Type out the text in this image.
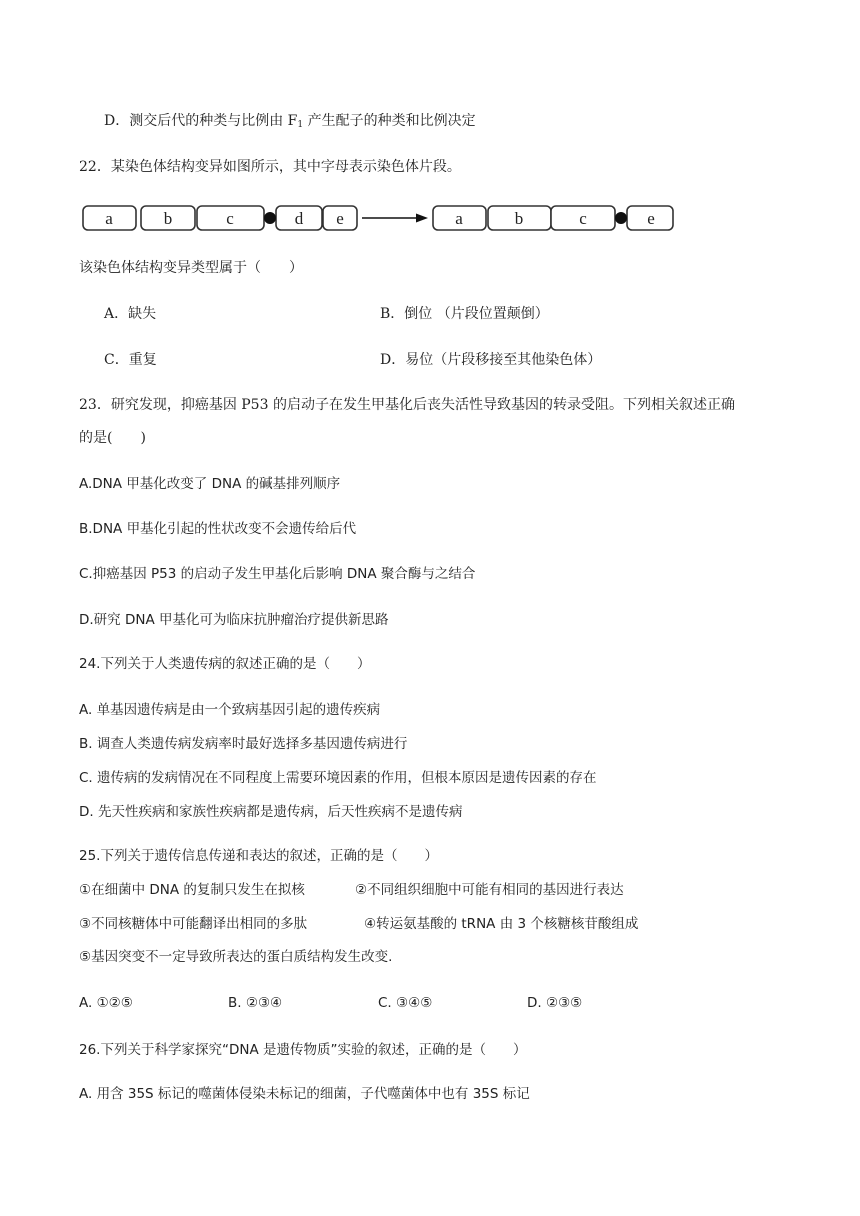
D．测交后代的种类与比例由 $F_1$ 产生配子的种类和比例决定
22．某染色体结构变异如图所示，其中字母表示染色体片段。
a	b	c	d e	a	b	c	e
该染色体结构变异类型属于（　　）
A．缺失	B．倒位 （片段位置颠倒）
C．重复	D．易位（片段移接至其他染色体）
23．研究发现，抑癌基因 P53 的启动子在发生甲基化后丧失活性导致基因的转录受阻。下列相关叙述正确
的是(　　)
A.DNA 甲基化改变了 DNA 的碱基排列顺序
B.DNA 甲基化引起的性状改变不会遗传给后代
C.抑癌基因 P53 的启动子发生甲基化后影响 DNA 聚合酶与之结合
D.研究 DNA 甲基化可为临床抗肿瘤治疗提供新思路
24.下列关于人类遗传病的叙述正确的是（　　）
A. 单基因遗传病是由一个致病基因引起的遗传疾病
B. 调查人类遗传病发病率时最好选择多基因遗传病进行
C. 遗传病的发病情况在不同程度上需要环境因素的作用，但根本原因是遗传因素的存在
D. 先天性疾病和家族性疾病都是遗传病，后天性疾病不是遗传病
25.下列关于遗传信息传递和表达的叙述，正确的是（　　）
①在细菌中 DNA 的复制只发生在拟核	②不同组织细胞中可能有相同的基因进行表达
③不同核糖体中可能翻译出相同的多肽	④转运氨基酸的 tRNA 由 3 个核糖核苷酸组成
⑤基因突变不一定导致所表达的蛋白质结构发生改变.
A. ①②⑤	B. ②③④	C. ③④⑤	D. ②③⑤
26.下列关于科学家探究“DNA 是遗传物质”实验的叙述，正确的是（　　）
A. 用含 35S 标记的噬菌体侵染未标记的细菌，子代噬菌体中也有 35S 标记
